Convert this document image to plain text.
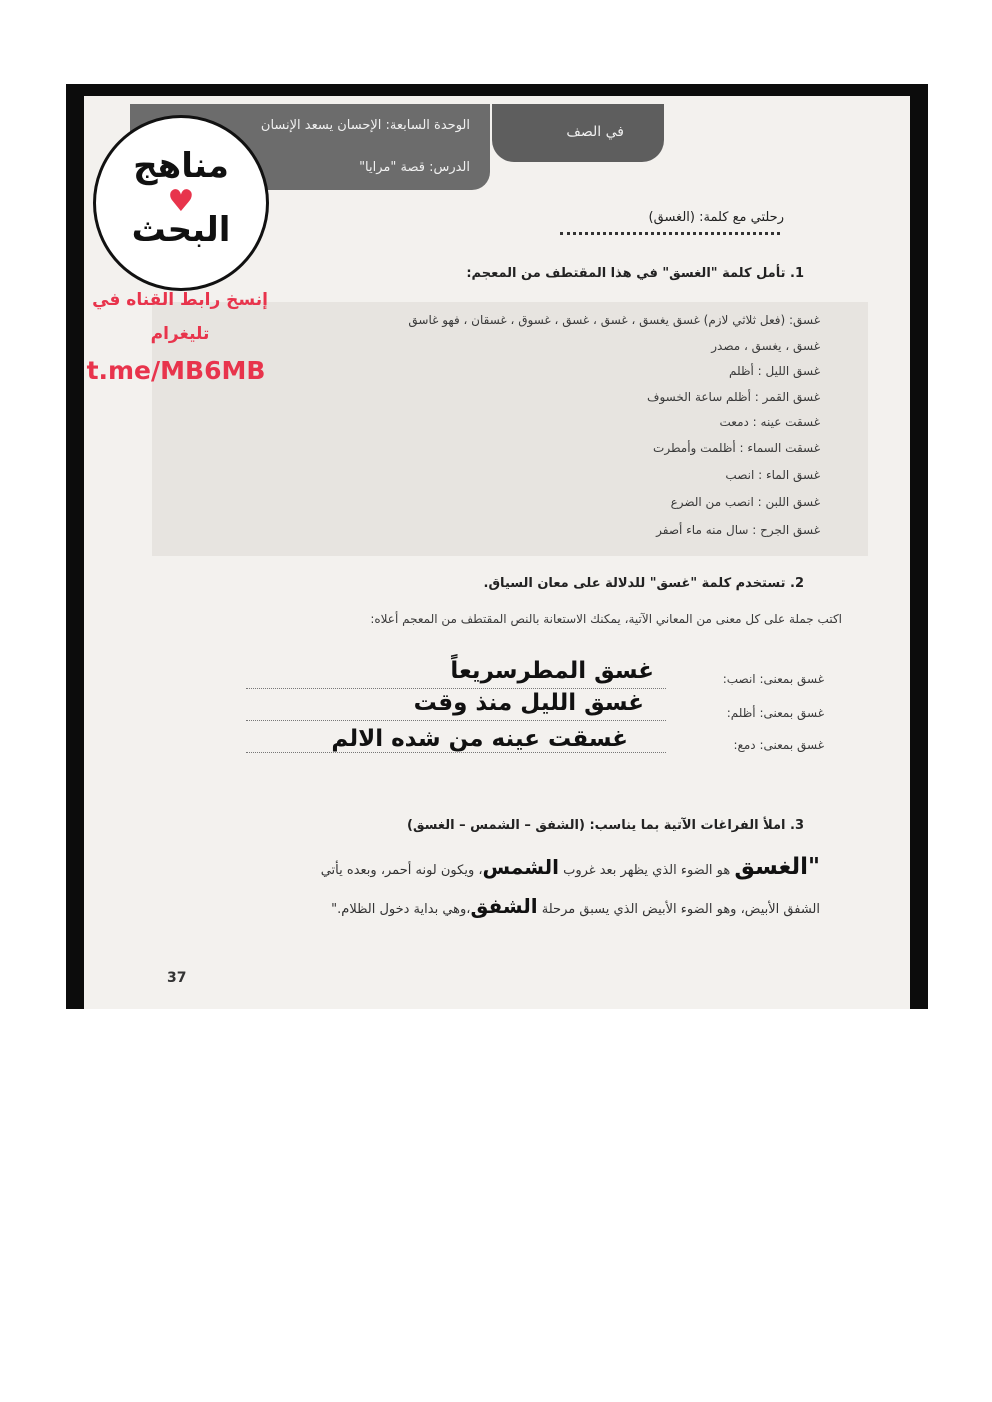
الوحدة السابعة: الإحسان يسعد الإنسان
الدرس: قصة "مرايا"
في الصف
رحلتي مع كلمة: (الغسق)
1. تأمل كلمة "الغسق" في هذا المقتطف من المعجم:
غسق: (فعل ثلاثي لازم) غسق يغسق ، غسق ، غسق ، غسوق ، غسقان ، فهو غاسق
غسق ، يغسق ، مصدر
غسق الليل : أظلم
غسق القمر : أظلم ساعة الخسوف
غسقت عينه : دمعت
غسقت السماء : أظلمت وأمطرت
غسق الماء : انصب
غسق اللبن : انصب من الضرع
غسق الجرح : سال منه ماء أصفر
2. تستخدم كلمة "غسق" للدلالة على معان السياق.
اكتب جملة على كل معنى من المعاني الآتية، يمكنك الاستعانة بالنص المقتطف من المعجم أعلاه:
غسق بمعنى: انصب:
غسق المطرسريعاً
غسق بمعنى: أظلم:
غسق الليل منذ وقت
غسق بمعنى: دمع:
غسقت عينه من شده الالم
3. املأ الفراغات الآتية بما يناسب: (الشفق – الشمس – الغسق)
"الغسق هو الضوء الذي يظهر بعد غروب الشمس، ويكون لونه أحمر، وبعده يأتي
الشفق الأبيض، وهو الضوء الأبيض الذي يسبق مرحلة الشفق،وهي بداية دخول الظلام."
37
مناهج
♥
البحث
إنسخ رابط القناه في
تليغرام
t.me/MB6MB
